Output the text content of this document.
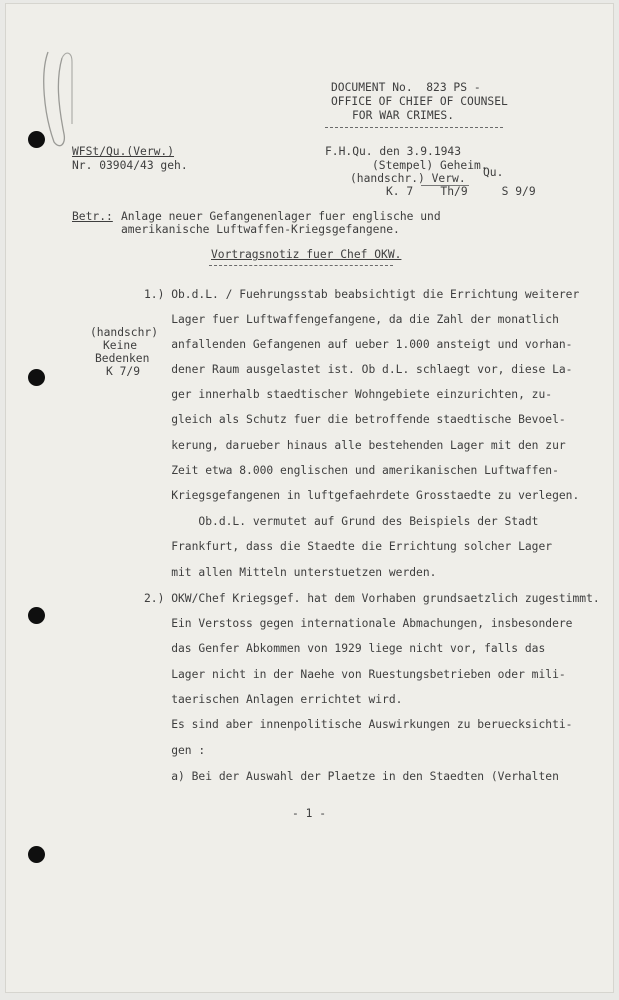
DOCUMENT No.  823 PS -
OFFICE OF CHIEF OF COUNSEL
FOR WAR CRIMES.
WFSt/Qu.(Verw.)
Nr. 03904/43 geh.
F.H.Qu. den 3.9.1943
(Stempel) Geheim.
(handschr.) Verw.
K. 7    Th/9     S 9/9
Qu.
Betr.: Anlage neuer Gefangenenlager fuer englische und
amerikanische Luftwaffen-Kriegsgefangene.
Vortragsnotiz fuer Chef OKW.
(handschr)
Keine
Bedenken
K 7/9
1.) Ob.d.L. / Fuehrungsstab beabsichtigt die Errichtung weiterer
Lager fuer Luftwaffengefangene, da die Zahl der monatlich
anfallenden Gefangenen auf ueber 1.000 ansteigt und vorhan-
dener Raum ausgelastet ist. Ob d.L. schlaegt vor, diese La-
ger innerhalb staedtischer Wohngebiete einzurichten, zu-
gleich als Schutz fuer die betroffende staedtische Bevoel-
kerung, darueber hinaus alle bestehenden Lager mit den zur
Zeit etwa 8.000 englischen und amerikanischen Luftwaffen-
Kriegsgefangenen in luftgefaehrdete Grosstaedte zu verlegen.
Ob.d.L. vermutet auf Grund des Beispiels der Stadt
Frankfurt, dass die Staedte die Errichtung solcher Lager
mit allen Mitteln unterstuetzen werden.
2.) OKW/Chef Kriegsgef. hat dem Vorhaben grundsaetzlich zugestimmt.
Ein Verstoss gegen internationale Abmachungen, insbesondere
das Genfer Abkommen von 1929 liege nicht vor, falls das
Lager nicht in der Naehe von Ruestungsbetrieben oder mili-
taerischen Anlagen errichtet wird.
Es sind aber innenpolitische Auswirkungen zu beruecksichti-
gen :
a) Bei der Auswahl der Plaetze in den Staedten (Verhalten
- 1 -
